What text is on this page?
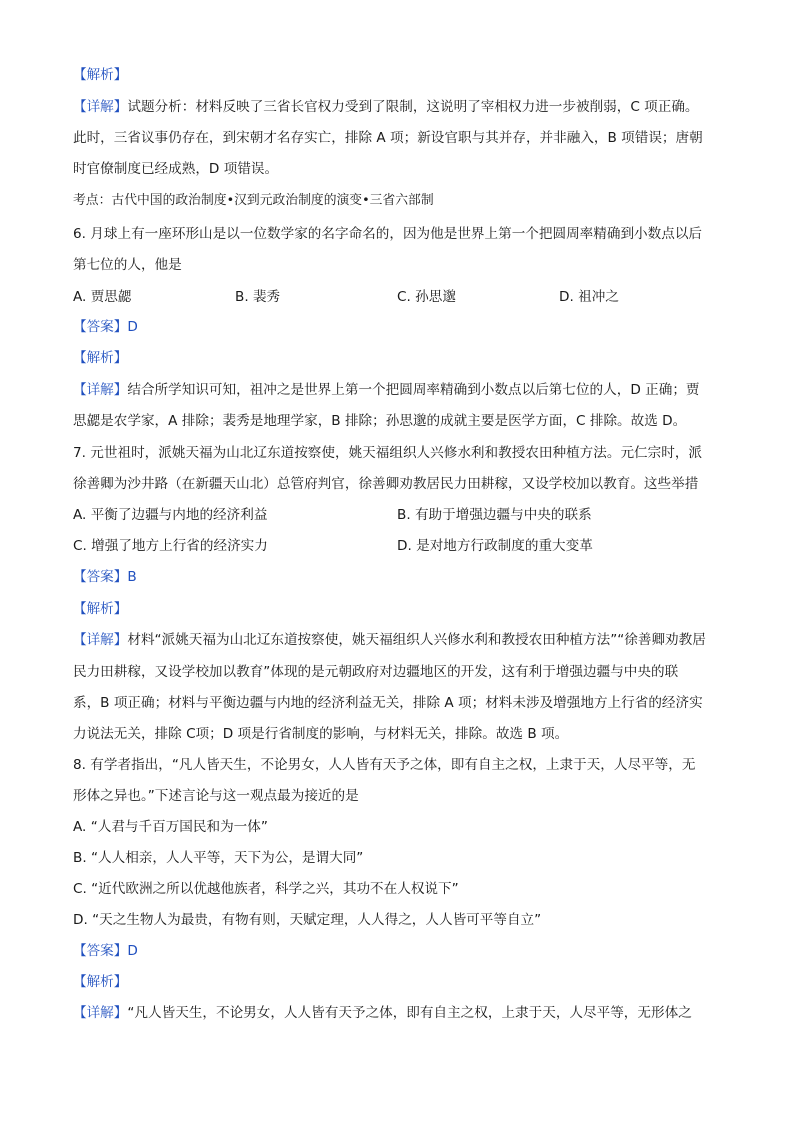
【解析】
【详解】试题分析：材料反映了三省长官权力受到了限制，这说明了宰相权力进一步被削弱，C 项正确。
此时，三省议事仍存在，到宋朝才名存实亡，排除 A 项；新设官职与其并存，并非融入，B 项错误；唐朝
时官僚制度已经成熟，D 项错误。
考点：古代中国的政治制度•汉到元政治制度的演变•三省六部制
6. 月球上有一座环形山是以一位数学家的名字命名的，因为他是世界上第一个把圆周率精确到小数点以后
第七位的人，他是
A. 贾思勰	B. 裴秀	C. 孙思邈	D. 祖冲之
【答案】D
【解析】
【详解】结合所学知识可知，祖冲之是世界上第一个把圆周率精确到小数点以后第七位的人，D 正确；贾
思勰是农学家，A 排除；裴秀是地理学家，B 排除；孙思邈的成就主要是医学方面，C 排除。故选 D。
7. 元世祖时，派姚天福为山北辽东道按察使，姚天福组织人兴修水利和教授农田种植方法。元仁宗时，派
徐善卿为沙井路（在新疆天山北）总管府判官，徐善卿劝教居民力田耕稼，又设学校加以教育。这些举措
A. 平衡了边疆与内地的经济利益	B. 有助于增强边疆与中央的联系
C. 增强了地方上行省的经济实力	D. 是对地方行政制度的重大变革
【答案】B
【解析】
【详解】材料“派姚天福为山北辽东道按察使，姚天福组织人兴修水利和教授农田种植方法”“徐善卿劝教居
民力田耕稼，又设学校加以教育”体现的是元朝政府对边疆地区的开发，这有利于增强边疆与中央的联
系，B 项正确；材料与平衡边疆与内地的经济利益无关，排除 A 项；材料未涉及增强地方上行省的经济实
力说法无关，排除 C项；D 项是行省制度的影响，与材料无关，排除。故选 B 项。
8. 有学者指出，“凡人皆天生，不论男女，人人皆有天予之体，即有自主之权，上隶于天，人尽平等，无
形体之异也。”下述言论与这一观点最为接近的是
A. “人君与千百万国民和为一体”
B. “人人相亲，人人平等，天下为公，是谓大同”
C. “近代欧洲之所以优越他族者，科学之兴，其功不在人权说下”
D. “天之生物人为最贵，有物有则，天赋定理，人人得之，人人皆可平等自立”
【答案】D
【解析】
【详解】“凡人皆天生，不论男女，人人皆有天予之体，即有自主之权，上隶于天，人尽平等，无形体之
